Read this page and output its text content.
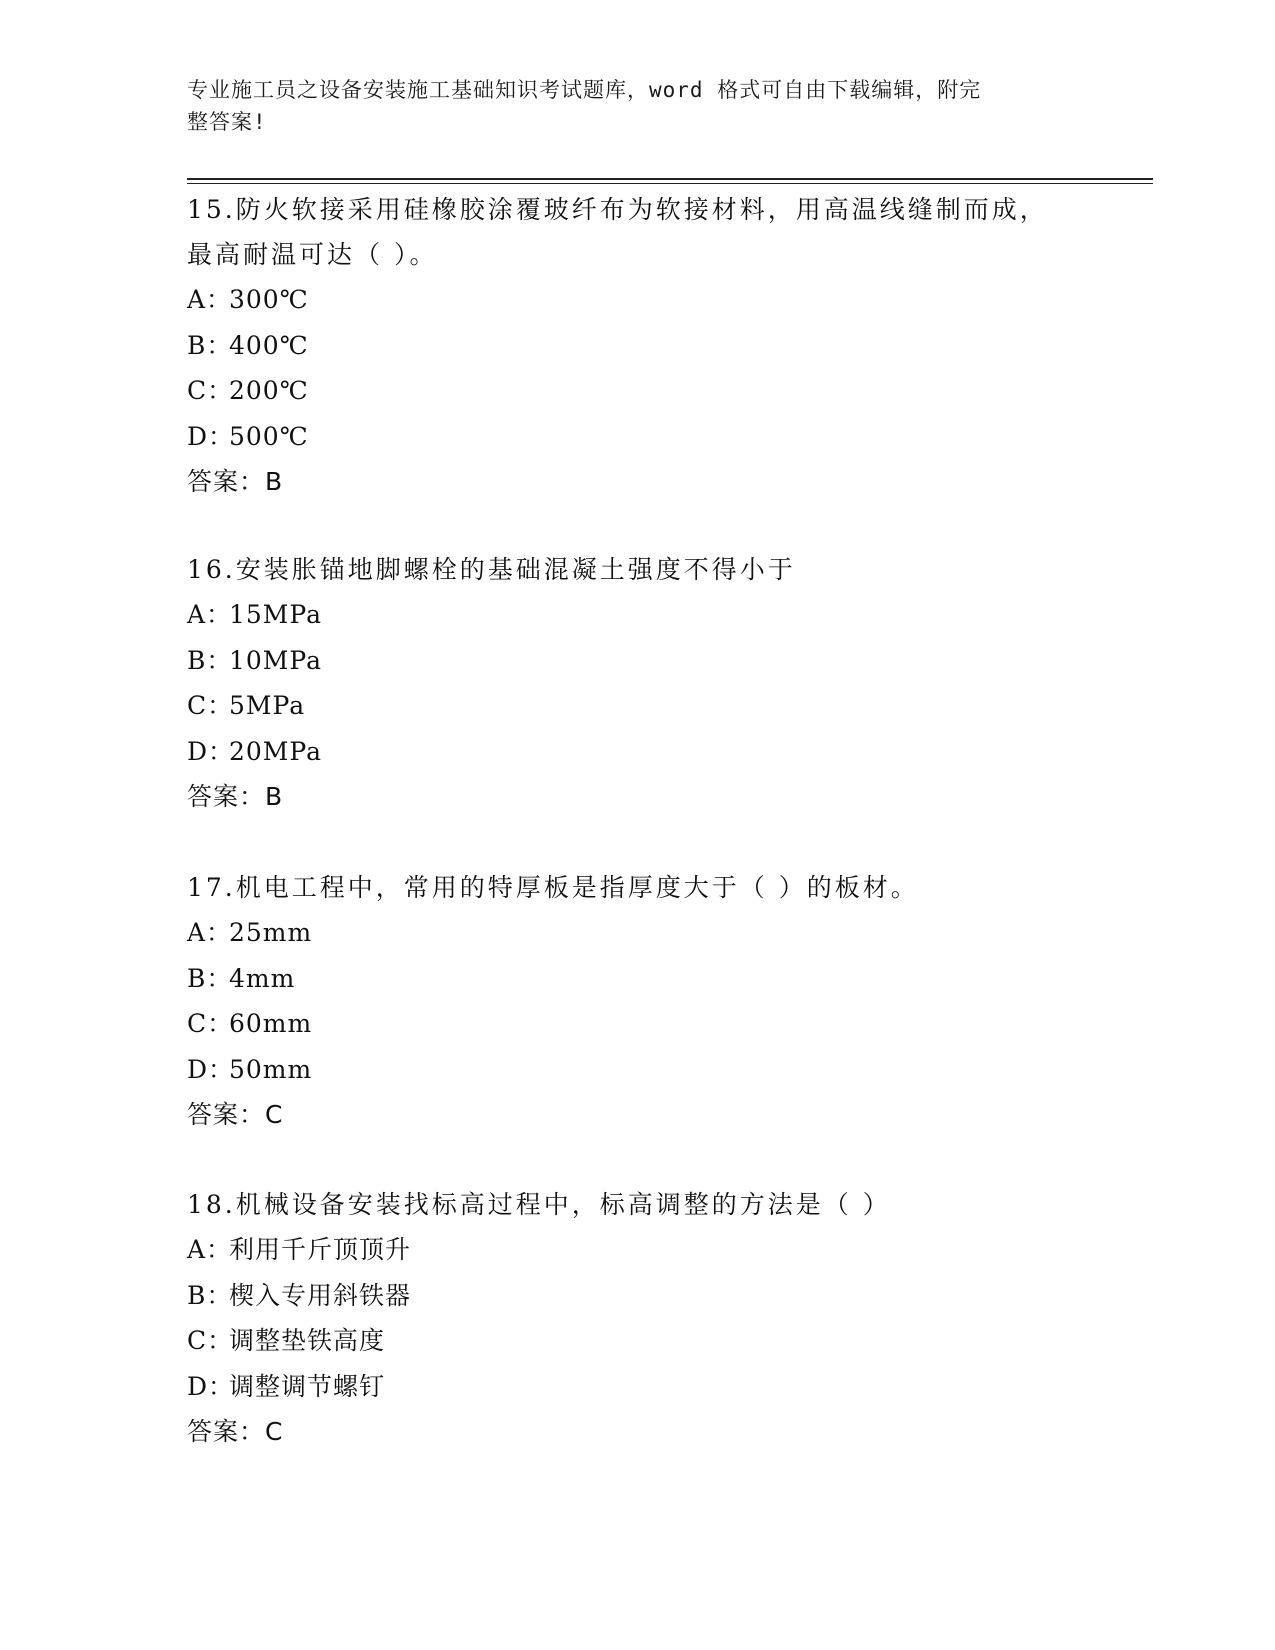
专业施工员之设备安装施工基础知识考试题库，word 格式可自由下载编辑，附完
整答案!
15.防火软接采用硅橡胶涂覆玻纤布为软接材料，用高温线缝制而成，
最高耐温可达（ ）。
A：300℃
B：400℃
C：200℃
D：500℃
答案：B
16.安装胀锚地脚螺栓的基础混凝土强度不得小于
A：15MPa
B：10MPa
C：5MPa
D：20MPa
答案：B
17.机电工程中，常用的特厚板是指厚度大于（ ）的板材。
A：25mm
B：4mm
C：60mm
D：50mm
答案：C
18.机械设备安装找标高过程中，标高调整的方法是（ ）
A：利用千斤顶顶升
B：楔入专用斜铁器
C：调整垫铁高度
D：调整调节螺钉
答案：C
